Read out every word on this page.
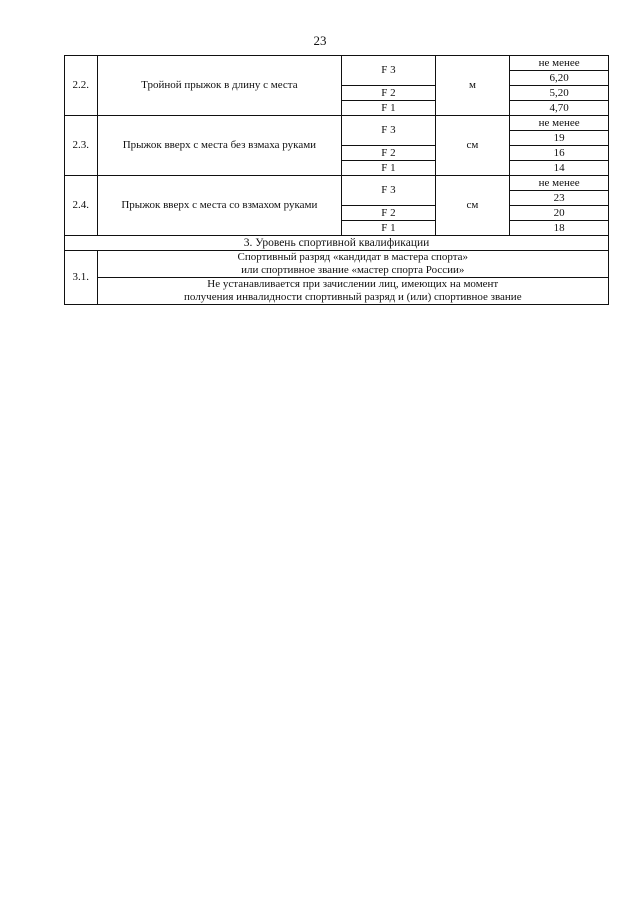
23
2.2.	Тройной прыжок в длину с места	F 3	м	не менее
				6,20
		F 2		5,20
		F 1		4,70
2.3.	Прыжок вверх с места без взмаха руками	F 3	см	не менее
				19
		F 2		16
		F 1		14
2.4.	Прыжок вверх с места со взмахом руками	F 3	см	не менее
				23
		F 2		20
		F 1		18
3. Уровень спортивной квалификации				
3.1.	Спортивный разряд «кандидат в мастера спорта»
или спортивное звание «мастер спорта России»			

	Не устанавливается при зачислении лиц, имеющих на момент
получения инвалидности спортивный разряд и (или) спортивное звание			
